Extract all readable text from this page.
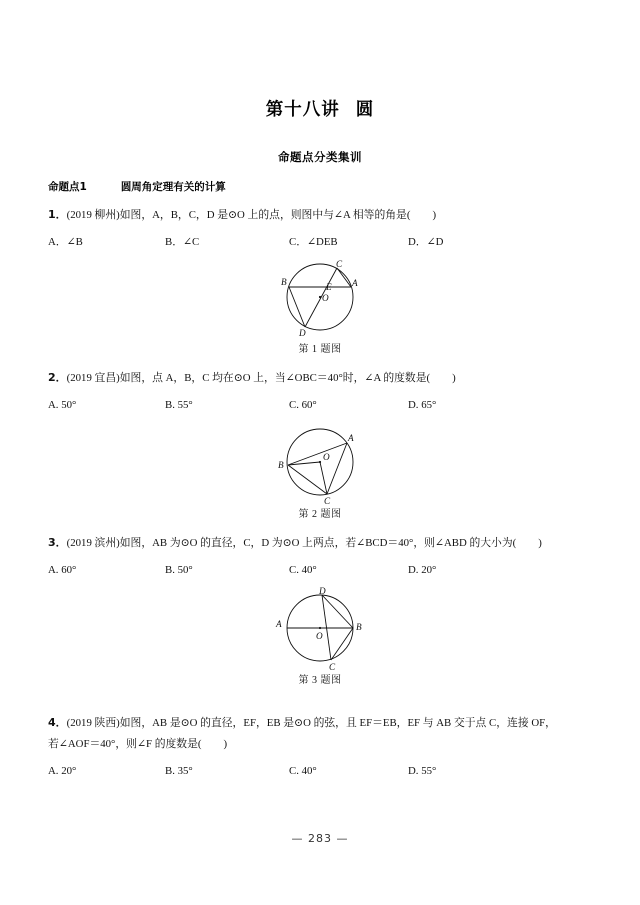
第十八讲 圆
命题点分类集训
命题点1	圆周角定理有关的计算
1．(2019 柳州)如图，A，B，C，D 是⊙O 上的点，则图中与∠A 相等的角是( )
A．∠B	B．∠C	C．∠DEB	D．∠D
A
B
C
D
E
O
第 1 题图
2．(2019 宜昌)如图，点 A，B，C 均在⊙O 上，当∠OBC＝40°时，∠A 的度数是( )
A. 50°	B. 55°	C. 60°	D. 65°
A
B
C
O
第 2 题图
3．(2019 滨州)如图，AB 为⊙O 的直径，C，D 为⊙O 上两点，若∠BCD＝40°，则∠ABD 的大小为( )
A. 60°	B. 50°	C. 40°	D. 20°
A	B
C
D
O
第 3 题图
4．(2019 陕西)如图，AB 是⊙O 的直径，EF，EB 是⊙O 的弦，且 EF＝EB，EF 与 AB 交于点 C，连接 OF，
若∠AOF＝40°，则∠F 的度数是( )
A. 20°	B. 35°	C. 40°	D. 55°
— 283 —
